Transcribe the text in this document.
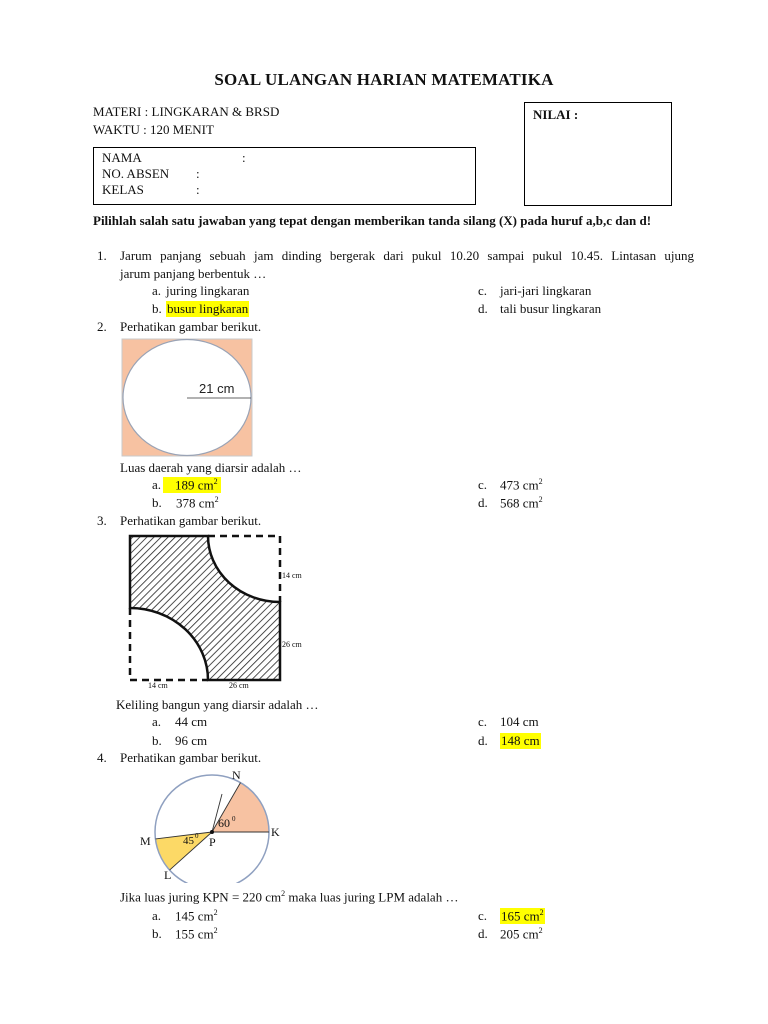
SOAL ULANGAN HARIAN MATEMATIKA
MATERI : LINGKARAN & BRSD
WAKTU : 120 MENIT
NAMA	:
NO. ABSEN :
KELAS	:
NILAI :
Pilihlah salah satu jawaban yang tepat dengan memberikan tanda silang (X) pada huruf a,b,c dan d!
1. Jarum panjang sebuah jam dinding bergerak dari pukul 10.20 sampai pukul 10.45. Lintasan ujung
jarum panjang berbentuk …
a. juring lingkaran	c. jari-jari lingkaran
b. busur lingkaran	d. tali busur lingkaran
2. Perhatikan gambar berikut.
21 cm
Luas daerah yang diarsir adalah …
a.	189 $cm^2$	c. 473 $cm^2$
b. 378 $cm^2$	d. 568 $cm^2$
3. Perhatikan gambar berikut.
14 cm
26 cm
14 cm	26 cm
Keliling bangun yang diarsir adalah …
a. 44 cm	c. 104 cm
b. 96 cm	d. 148 cm
4. Perhatikan gambar berikut.
N
K
M
L
P
60 0
45 0
Jika luas juring KPN = 220 $cm^2$ maka luas juring LPM adalah …
a. 145 $cm^2$	c. 165 $cm^2$
b. 155 $cm^2$	d. 205 $cm^2$
